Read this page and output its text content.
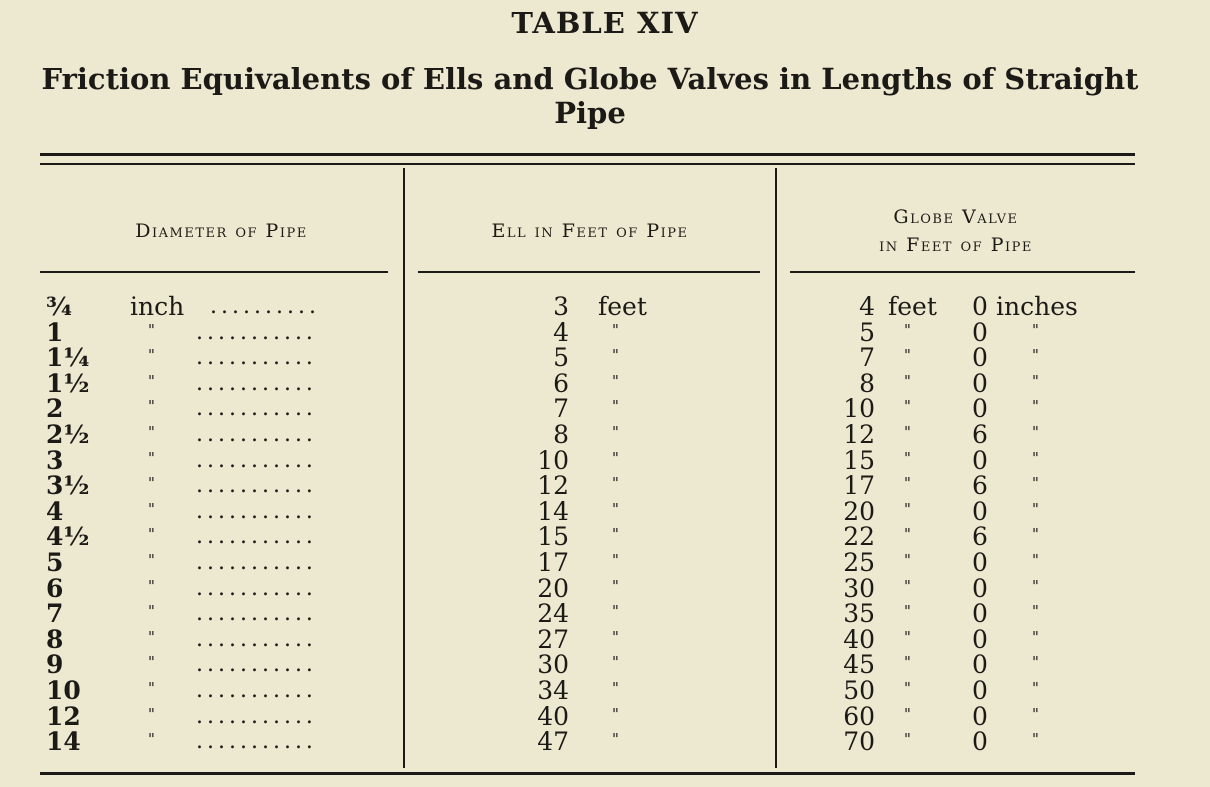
TABLE XIV
Friction Equivalents of Ells and Globe Valves in Lengths of Straight Pipe
Diameter of Pipe	Ell in Feet of Pipe
Globe Valve
in Feet of Pipe
¾ inch ..........	3 feet	4 feet 0 inches
1	" ...........	4	"	5 " 0	"
1¼	" ...........	5	"	7 " 0	"
1½	" ...........	6	"	8 " 0	"
2	" ...........	7	"	10 " 0	"
2½	" ...........	8	"	12 " 6	"
3	" ...........	10	"	15 " 0	"
3½	" ...........	12	"	17 " 6	"
4	" ...........	14	"	20 " 0	"
4½	" ...........	15	"	22 " 6	"
5	" ...........	17	"	25 " 0	"
6	" ...........	20	"	30 " 0	"
7	" ...........	24	"	35 " 0	"
8	" ...........	27	"	40 " 0	"
9	" ...........	30	"	45 " 0	"
10	" ...........	34	"	50 " 0	"
12	" ...........	40	"	60 " 0	"
14	" ...........	47	"	70 " 0	"
